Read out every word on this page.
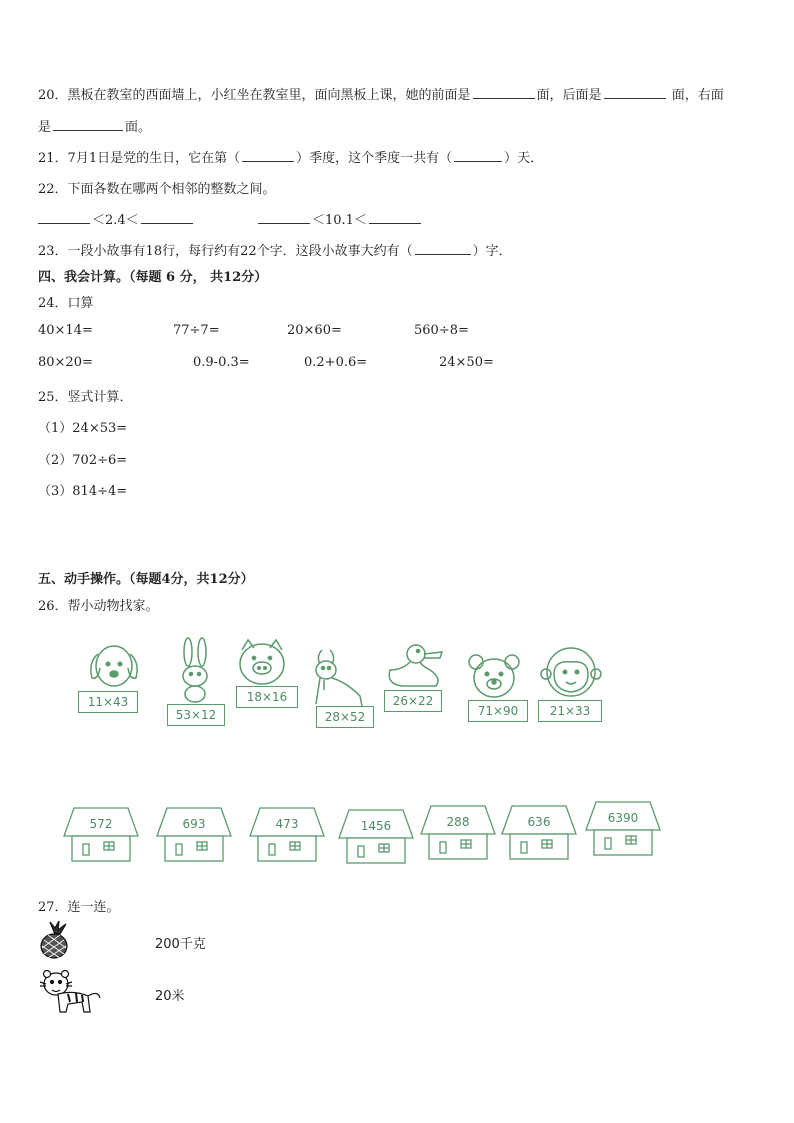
20．黑板在教室的西面墙上，小红坐在教室里，面向黑板上课，她的前面是	面，后面是	面，右面
是	面。
21．7月1日是党的生日，它在第（	）季度，这个季度一共有（	）天．
22．下面各数在哪两个相邻的整数之间。
＜2.4＜	＜10.1＜
23．一段小故事有18行，每行约有22个字．这段小故事大约有（	）字．
四、我会计算。（每题 6 分， 共12分）
24．口算
40×14=	77÷7=	20×60=	560÷8=
80×20=	0.9-0.3=	0.2+0.6=	24×50=
25．竖式计算．
（1）24×53=
（2）702÷6=
（3）814÷4=
五、动手操作。（每题4分，共12分）
26．帮小动物找家。
11×43
53×12
18×16
28×52
26×22
71×90	21×33
572	693	473	1456	288	636	6390
27．连一连。
200千克
20米
